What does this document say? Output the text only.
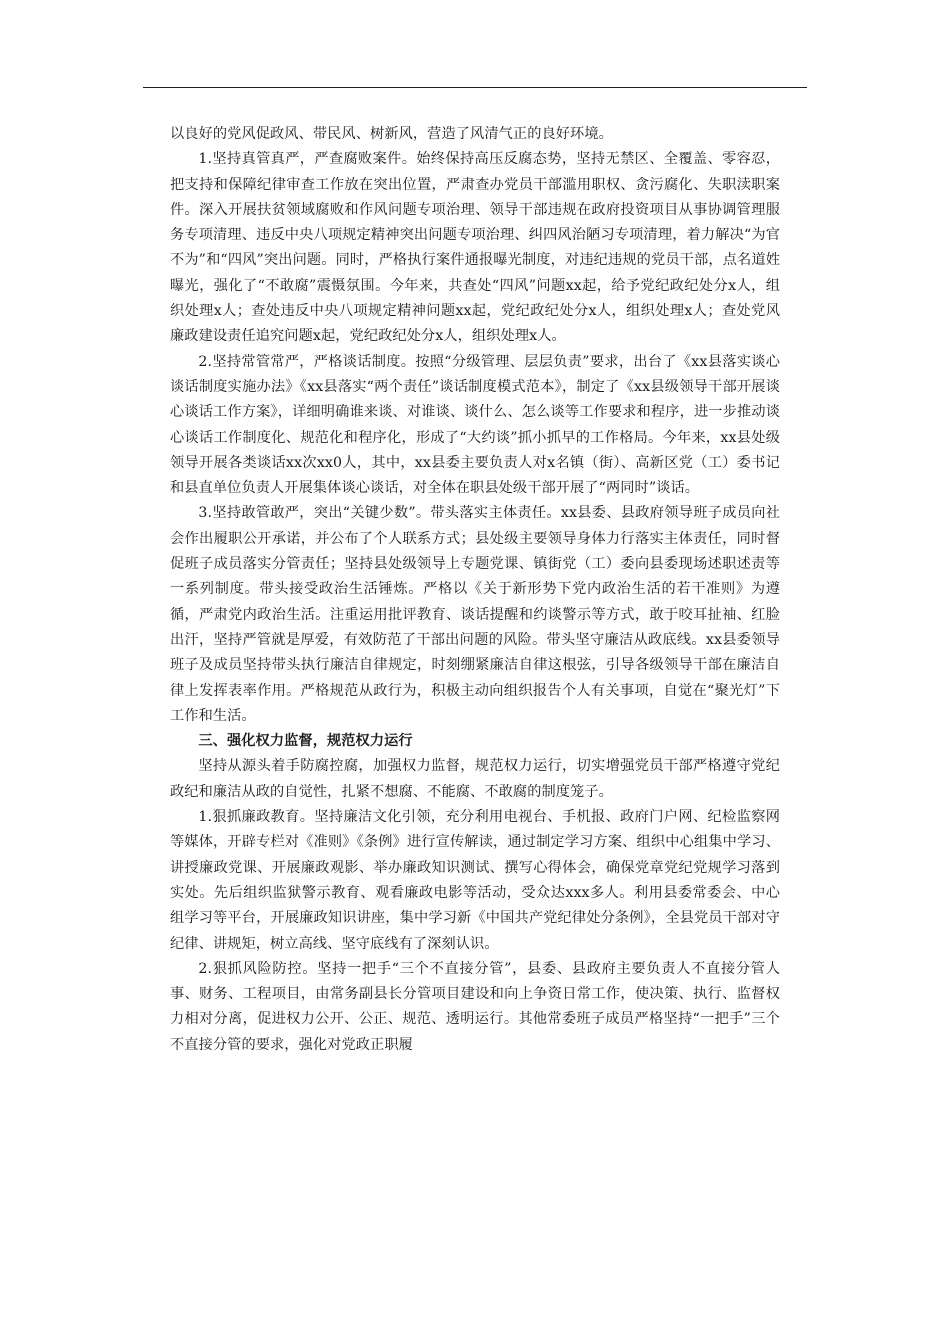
以良好的党风促政风、带民风、树新风，营造了风清气正的良好环境。

1.坚持真管真严，严查腐败案件。始终保持高压反腐态势，坚持无禁区、全覆盖、零容忍，把支持和保障纪律审查工作放在突出位置，严肃查办党员干部滥用职权、贪污腐化、失职渎职案件。深入开展扶贫领域腐败和作风问题专项治理、领导干部违规在政府投资项目从事协调管理服务专项清理、违反中央八项规定精神突出问题专项治理、纠四风治陋习专项清理，着力解决“为官不为”和“四风”突出问题。同时，严格执行案件通报曝光制度，对违纪违规的党员干部，点名道姓曝光，强化了“不敢腐”震慑氛围。今年来，共查处“四风”问题xx起，给予党纪政纪处分x人，组织处理x人；查处违反中央八项规定精神问题xx起，党纪政纪处分x人，组织处理x人；查处党风廉政建设责任追究问题x起，党纪政纪处分x人，组织处理x人。

2.坚持常管常严，严格谈话制度。按照“分级管理、层层负责”要求，出台了《xx县落实谈心谈话制度实施办法》《xx县落实“两个责任”谈话制度模式范本》，制定了《xx县级领导干部开展谈心谈话工作方案》，详细明确谁来谈、对谁谈、谈什么、怎么谈等工作要求和程序，进一步推动谈心谈话工作制度化、规范化和程序化，形成了“大约谈”抓小抓早的工作格局。今年来，xx县处级领导开展各类谈话xx次xx0人，其中，xx县委主要负责人对x名镇（街）、高新区党（工）委书记和县直单位负责人开展集体谈心谈话，对全体在职县处级干部开展了“两同时”谈话。

3.坚持敢管敢严，突出“关键少数”。带头落实主体责任。xx县委、县政府领导班子成员向社会作出履职公开承诺，并公布了个人联系方式；县处级主要领导身体力行落实主体责任，同时督促班子成员落实分管责任；坚持县处级领导上专题党课、镇街党（工）委向县委现场述职述责等一系列制度。带头接受政治生活锤炼。严格以《关于新形势下党内政治生活的若干准则》为遵循，严肃党内政治生活。注重运用批评教育、谈话提醒和约谈警示等方式，敢于咬耳扯袖、红脸出汗，坚持严管就是厚爱，有效防范了干部出问题的风险。带头坚守廉洁从政底线。xx县委领导班子及成员坚持带头执行廉洁自律规定，时刻绷紧廉洁自律这根弦，引导各级领导干部在廉洁自律上发挥表率作用。严格规范从政行为，积极主动向组织报告个人有关事项，自觉在“聚光灯”下工作和生活。

三、强化权力监督，规范权力运行

坚持从源头着手防腐控腐，加强权力监督，规范权力运行，切实增强党员干部严格遵守党纪政纪和廉洁从政的自觉性，扎紧不想腐、不能腐、不敢腐的制度笼子。

1.狠抓廉政教育。坚持廉洁文化引领，充分利用电视台、手机报、政府门户网、纪检监察网等媒体，开辟专栏对《准则》《条例》进行宣传解读，通过制定学习方案、组织中心组集中学习、讲授廉政党课、开展廉政观影、举办廉政知识测试、撰写心得体会，确保党章党纪党规学习落到实处。先后组织监狱警示教育、观看廉政电影等活动，受众达xxx多人。利用县委常委会、中心组学习等平台，开展廉政知识讲座，集中学习新《中国共产党纪律处分条例》，全县党员干部对守纪律、讲规矩，树立高线、坚守底线有了深刻认识。

2.狠抓风险防控。坚持一把手“三个不直接分管”，县委、县政府主要负责人不直接分管人事、财务、工程项目，由常务副县长分管项目建设和向上争资日常工作，使决策、执行、监督权力相对分离，促进权力公开、公正、规范、透明运行。其他常委班子成员严格坚持“一把手”三个不直接分管的要求，强化对党政正职履
